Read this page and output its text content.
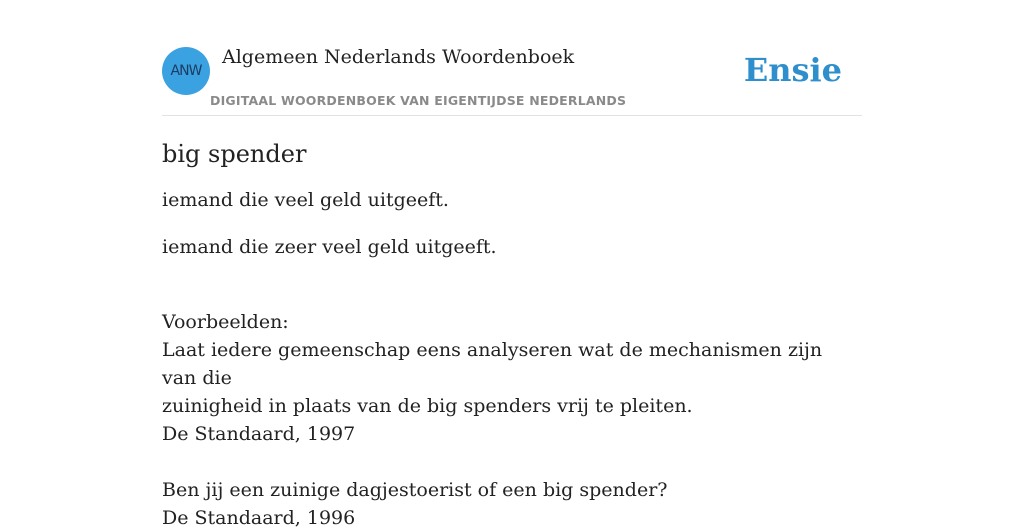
ANW
Algemeen Nederlands Woordenboek
DIGITAAL WOORDENBOEK VAN EIGENTIJDSE NEDERLANDS
Ensie
big spender

iemand die veel geld uitgeeft.

iemand die zeer veel geld uitgeeft.

Voorbeelden:

Laat iedere gemeenschap eens analyseren wat de mechanismen zijn van die

zuinigheid in plaats van de big spenders vrij te pleiten.

De Standaard, 1997

Ben jij een zuinige dagjestoerist of een big spender?

De Standaard, 1996
